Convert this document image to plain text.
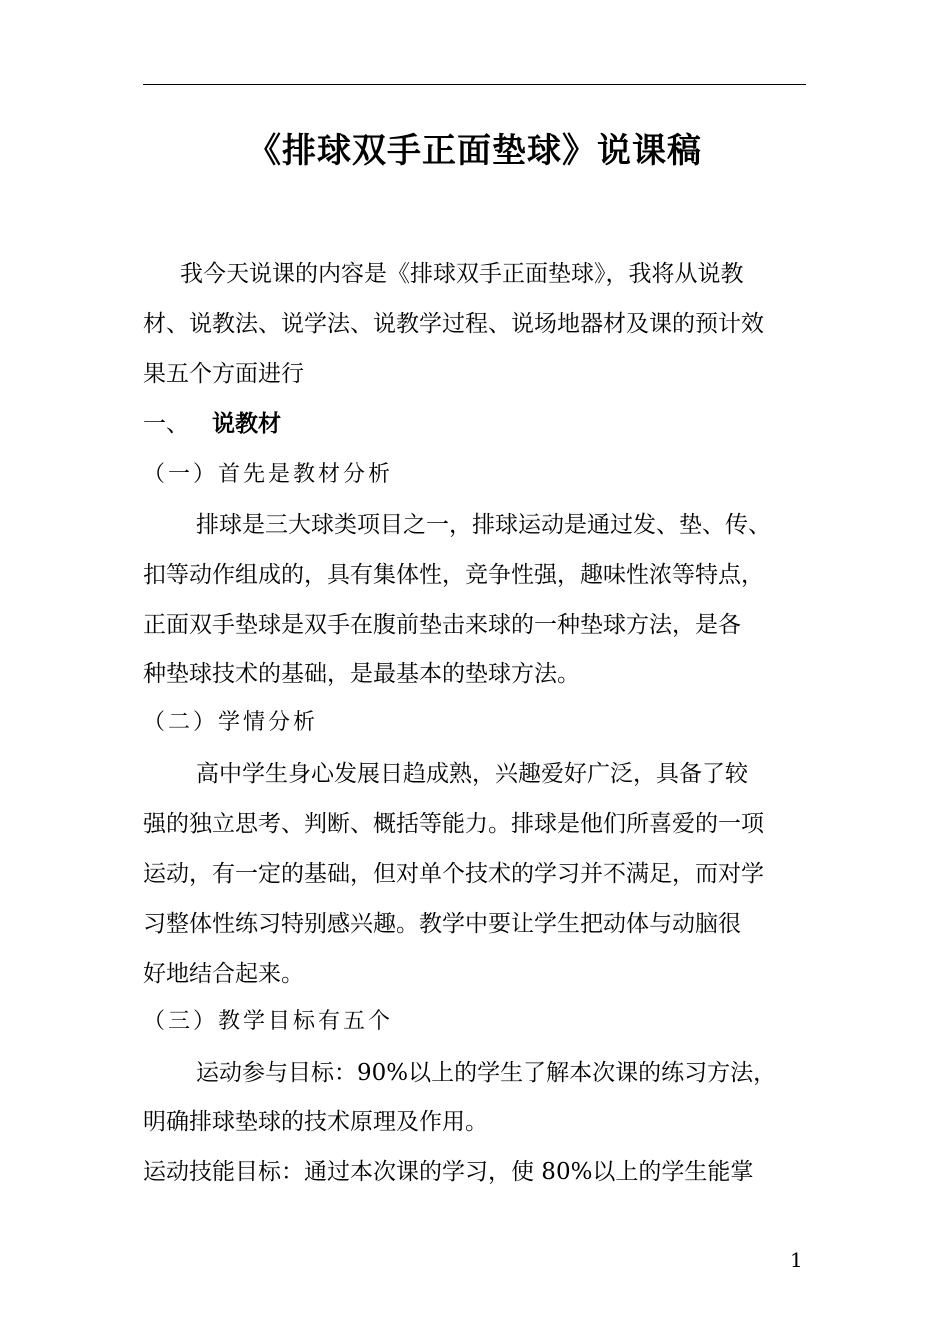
《排球双手正面垫球》说课稿
我今天说课的内容是《排球双手正面垫球》，我将从说教
材、说教法、说学法、说教学过程、说场地器材及课的预计效
果五个方面进行
一、 说教材
（一）首先是教材分析
排球是三大球类项目之一，排球运动是通过发、垫、传、
扣等动作组成的，具有集体性，竞争性强，趣味性浓等特点，
正面双手垫球是双手在腹前垫击来球的一种垫球方法，是各
种垫球技术的基础，是最基本的垫球方法。
（二）学情分析
高中学生身心发展日趋成熟，兴趣爱好广泛，具备了较
强的独立思考、判断、概括等能力。排球是他们所喜爱的一项
运动，有一定的基础，但对单个技术的学习并不满足，而对学
习整体性练习特别感兴趣。教学中要让学生把动体与动脑很
好地结合起来。
（三）教学目标有五个
运动参与目标：90%以上的学生了解本次课的练习方法，
明确排球垫球的技术原理及作用。
运动技能目标：通过本次课的学习，使 80%以上的学生能掌
1
